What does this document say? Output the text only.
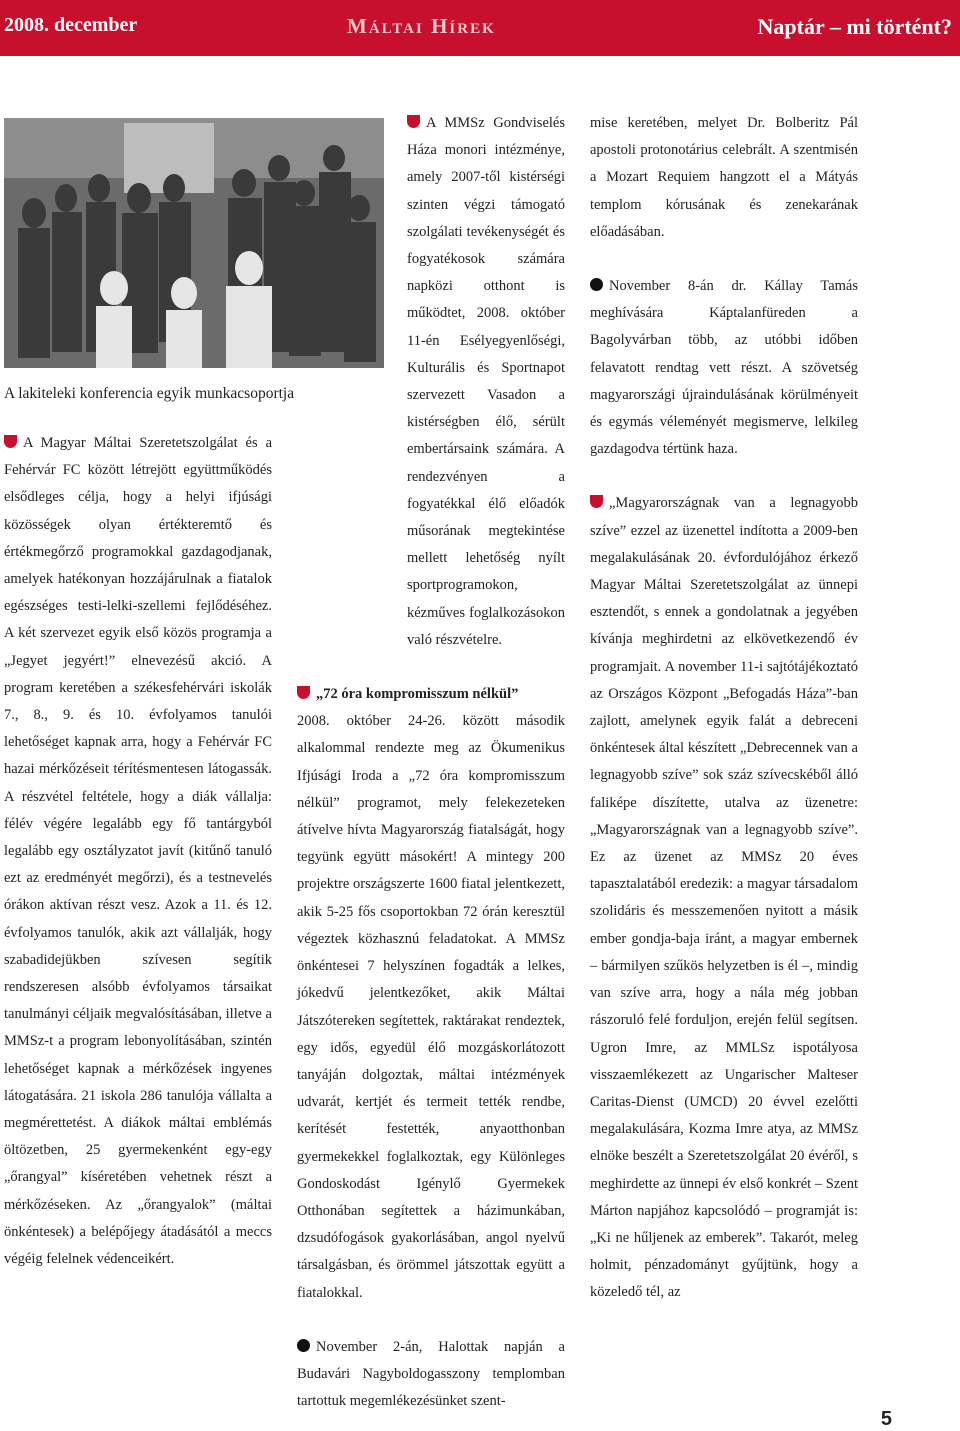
2008. december	Máltai Hírek	Naptár – mi történt?
A lakiteleki konferencia egyik munkacsoportja

A Magyar Máltai Szeretetszolgálat és a Fehérvár FC között létrejött együttműködés elsődleges célja, hogy a helyi ifjúsági közösségek olyan értékteremtő és értékmegőrző programokkal gazdagodjanak, amelyek hatékonyan hozzájárulnak a fiatalok egészséges testi-lelki-szellemi fejlődéséhez. A két szervezet egyik első közös programja a „Jegyet jegyért!” elnevezésű akció. A program keretében a székesfehérvári iskolák 7., 8., 9. és 10. évfolyamos tanulói lehetőséget kapnak arra, hogy a Fehérvár FC hazai mérkőzéseit térítésmentesen látogassák. A részvétel feltétele, hogy a diák vállalja: félév végére legalább egy fő tantárgyból legalább egy osztályzatot javít (kitűnő tanuló ezt az eredményét megőrzi), és a testnevelés órákon aktívan részt vesz. Azok a 11. és 12. évfolyamos tanulók, akik azt vállalják, hogy szabadidejükben szívesen segítik rendszeresen alsóbb évfolyamos társaikat tanulmányi céljaik megvalósításában, illetve a MMSz-t a program lebonyolításában, szintén lehetőséget kapnak a mérkőzések ingyenes látogatására. 21 iskola 286 tanulója vállalta a megmérettetést. A diákok máltai emblémás öltözetben, 25 gyermekenként egy-egy „őrangyal” kíséretében vehetnek részt a mérkőzéseken. Az „őrangyalok” (máltai önkéntesek) a belépőjegy átadásától a meccs végéig felelnek védenceikért.

A MMSz Gondviselés Háza monori intézménye, amely 2007-től kistérségi szinten végzi támogató szolgálati tevékenységét és fogyatékosok számára napközi otthont is működtet, 2008. október 11-én Esélyegyenlőségi, Kulturális és Sportnapot szervezett Vasadon a kistérségben élő, sérült embertársaink számára. A rendezvényen a fogyatékkal élő előadók műsorának megtekintése mellett lehetőség nyílt sportprogramokon, kézműves foglalkozásokon való részvételre.

„72 óra kompromisszum nélkül”

2008. október 24-26. között második alkalommal rendezte meg az Ökumenikus Ifjúsági Iroda a „72 óra kompromisszum nélkül” programot, mely felekezeteken átívelve hívta Magyarország fiatalságát, hogy tegyünk együtt másokért! A mintegy 200 projektre országszerte 1600 fiatal jelentkezett, akik 5-25 fős csoportokban 72 órán keresztül végeztek közhasznú feladatokat. A MMSz önkéntesei 7 helyszínen fogadták a lelkes, jókedvű jelentkezőket, akik Máltai Játszótereken segítettek, raktárakat rendeztek, egy idős, egyedül élő mozgáskorlátozott tanyáján dolgoztak, máltai intézmények udvarát, kertjét és termeit tették rendbe, kerítését festették, anyaotthonban gyermekekkel foglalkoztak, egy Különleges Gondoskodást Igénylő Gyermekek Otthonában segítettek a házimunkában, dzsudófogások gyakorlásában, angol nyelvű társalgásban, és örömmel játszottak együtt a fiatalokkal.

November 2-án, Halottak napján a Budavári Nagyboldogasszony templomban tartottuk megemlékezésünket szent-

mise keretében, melyet Dr. Bolberitz Pál apostoli protonotárius celebrált. A szentmisén a Mozart Requiem hangzott el a Mátyás templom kórusának és zenekarának előadásában.

November 8-án dr. Kállay Tamás meghívására Káptalanfüreden a Bagolyvárban több, az utóbbi időben felavatott rendtag vett részt. A szövetség magyarországi újraindulásának körülményeit és egymás véleményét megismerve, lelkileg gazdagodva tértünk haza.

„Magyarországnak van a legnagyobb szíve” ezzel az üzenettel indította a 2009-ben megalakulásának 20. évfordulójához érkező Magyar Máltai Szeretetszolgálat az ünnepi esztendőt, s ennek a gondolatnak a jegyében kívánja meghirdetni az elkövetkezendő év programjait. A november 11-i sajtótájékoztató az Országos Központ „Befogadás Háza”-ban zajlott, amelynek egyik falát a debreceni önkéntesek által készített „Debrecennek van a legnagyobb szíve” sok száz szívecskéből álló faliképe díszítette, utalva az üzenetre: „Magyarországnak van a legnagyobb szíve”. Ez az üzenet az MMSz 20 éves tapasztalatából eredezik: a magyar társadalom szolidáris és messzemenően nyitott a másik ember gondja-baja iránt, a magyar embernek – bármilyen szűkös helyzetben is él –, mindig van szíve arra, hogy a nála még jobban rászoruló felé forduljon, erején felül segítsen. Ugron Imre, az MMLSz ispotályosa visszaemlékezett az Ungarischer Malteser Caritas-Dienst (UMCD) 20 évvel ezelőtti megalakulására, Kozma Imre atya, az MMSz elnöke beszélt a Szeretetszolgálat 20 évéről, s meghirdette az ünnepi év első konkrét – Szent Márton napjához kapcsolódó – programját is: „Ki ne hűljenek az emberek”. Takarót, meleg holmit, pénzadományt gyűjtünk, hogy a közeledő tél, az

5
